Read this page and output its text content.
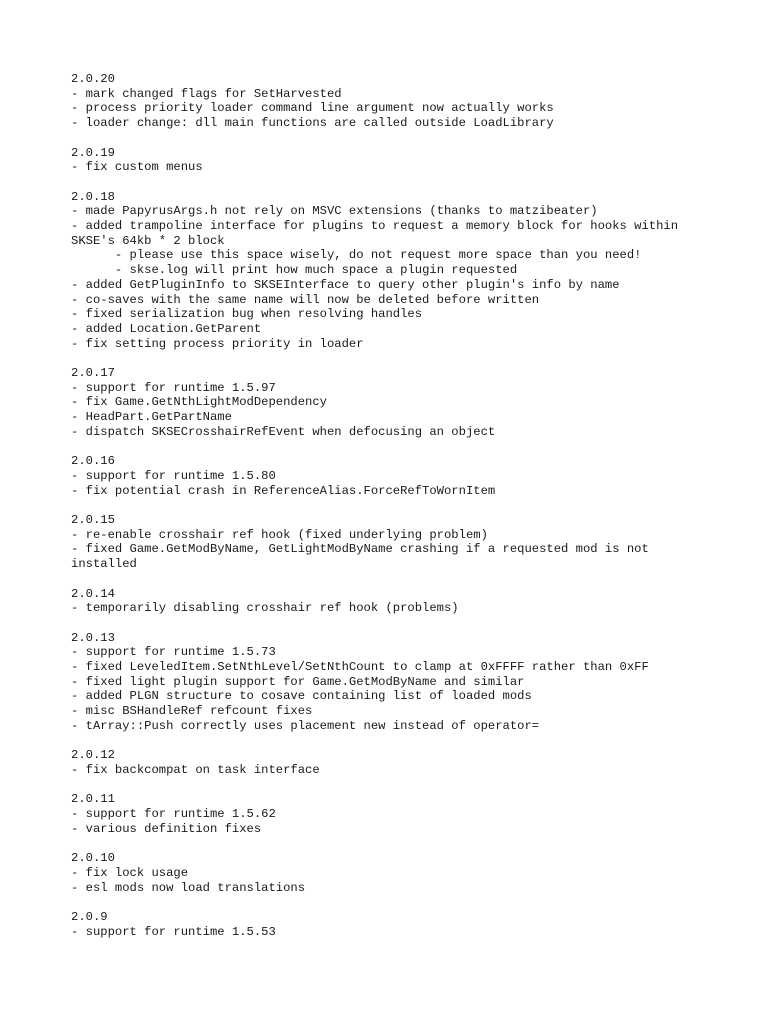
2.0.20
- mark changed flags for SetHarvested
- process priority loader command line argument now actually works
- loader change: dll main functions are called outside LoadLibrary
2.0.19
- fix custom menus
2.0.18
- made PapyrusArgs.h not rely on MSVC extensions (thanks to matzibeater)
- added trampoline interface for plugins to request a memory block for hooks within
SKSE's 64kb * 2 block
- please use this space wisely, do not request more space than you need!
- skse.log will print how much space a plugin requested
- added GetPluginInfo to SKSEInterface to query other plugin's info by name
- co-saves with the same name will now be deleted before written
- fixed serialization bug when resolving handles
- added Location.GetParent
- fix setting process priority in loader
2.0.17
- support for runtime 1.5.97
- fix Game.GetNthLightModDependency
- HeadPart.GetPartName
- dispatch SKSECrosshairRefEvent when defocusing an object
2.0.16
- support for runtime 1.5.80
- fix potential crash in ReferenceAlias.ForceRefToWornItem
2.0.15
- re-enable crosshair ref hook (fixed underlying problem)
- fixed Game.GetModByName, GetLightModByName crashing if a requested mod is not
installed
2.0.14
- temporarily disabling crosshair ref hook (problems)
2.0.13
- support for runtime 1.5.73
- fixed LeveledItem.SetNthLevel/SetNthCount to clamp at 0xFFFF rather than 0xFF
- fixed light plugin support for Game.GetModByName and similar
- added PLGN structure to cosave containing list of loaded mods
- misc BSHandleRef refcount fixes
- tArray::Push correctly uses placement new instead of operator=
2.0.12
- fix backcompat on task interface
2.0.11
- support for runtime 1.5.62
- various definition fixes
2.0.10
- fix lock usage
- esl mods now load translations
2.0.9
- support for runtime 1.5.53
